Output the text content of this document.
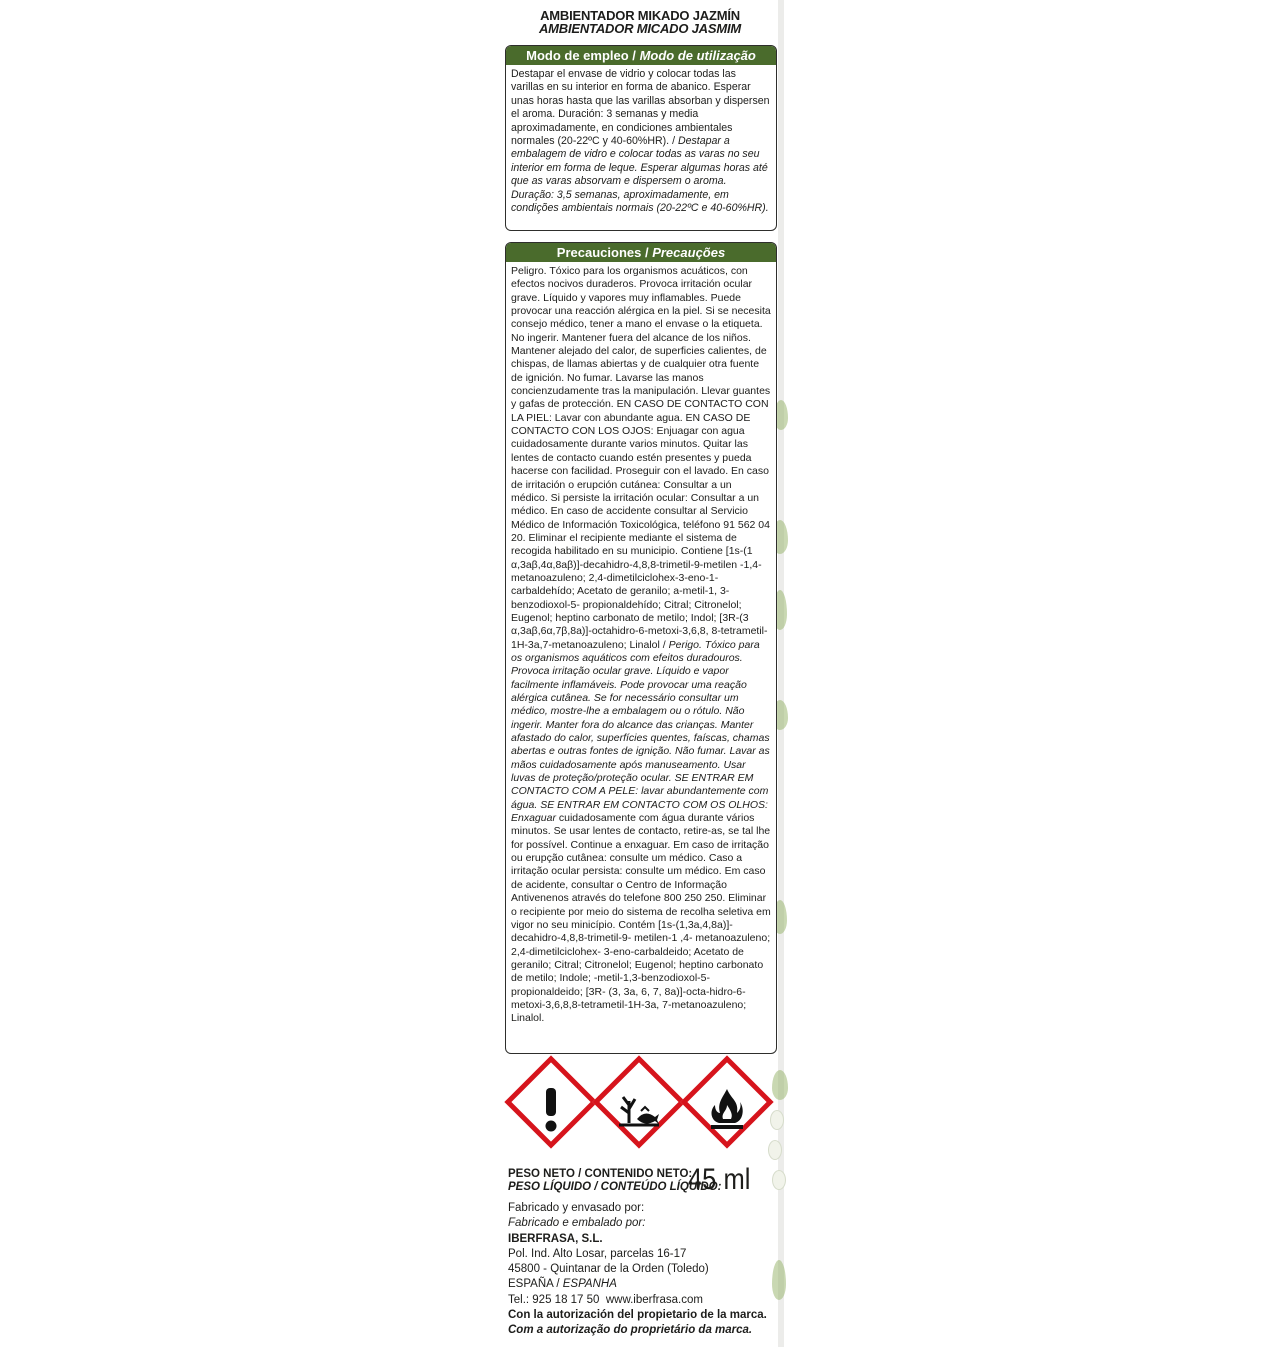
AMBIENTADOR MIKADO JAZMÍN
AMBIENTADOR MICADO JASMIM
Modo de empleo / Modo de utilização
Destapar el envase de vidrio y colocar todas las varillas en su interior en forma de abanico. Esperar unas horas hasta que las varillas absorban y dispersen el aroma. Duración: 3 semanas y media aproximadamente, en condiciones ambientales normales (20-22ºC y 40-60%HR). / Destapar a embalagem de vidro e colocar todas as varas no seu interior em forma de leque. Esperar algumas horas até que as varas absorvam e dispersem o aroma. Duração: 3,5 semanas, aproximadamente, em condições ambientais normais (20-22ºC e 40-60%HR).
Precauciones / Precauções
Peligro. Tóxico para los organismos acuáticos, con efectos nocivos duraderos. Provoca irritación ocular grave. Líquido y vapores muy inflamables. Puede provocar una reacción alérgica en la piel. Si se necesita consejo médico, tener a mano el envase o la etiqueta. No ingerir. Mantener fuera del alcance de los niños. Mantener alejado del calor, de superficies calientes, de chispas, de llamas abiertas y de cualquier otra fuente de ignición. No fumar. Lavarse las manos concienzudamente tras la manipulación. Llevar guantes y gafas de protección. EN CASO DE CONTACTO CON LA PIEL: Lavar con abundante agua. EN CASO DE CONTACTO CON LOS OJOS: Enjuagar con agua cuidadosamente durante varios minutos. Quitar las lentes de contacto cuando estén presentes y pueda hacerse con facilidad. Proseguir con el lavado. En caso de irritación o erupción cutánea: Consultar a un médico. Si persiste la irritación ocular: Consultar a un médico. En caso de accidente consultar al Servicio Médico de Información Toxicológica, teléfono 91 562 04 20. Eliminar el recipiente mediante el sistema de recogida habilitado en su municipio. Contiene [1s-(1 α,3aβ,4α,8aβ)]-decahidro-4,8,8-trimetil-9-metilen -1,4-metanoazuleno; 2,4-dimetilciclohex-3-eno-1-carbaldehído; Acetato de geranilo; a-metil-1, 3-benzodioxol-5- propionaldehído; Citral; Citronelol; Eugenol; heptino carbonato de metilo; Indol; [3R-(3 α,3aβ,6α,7β,8a)]-octahidro-6-metoxi-3,6,8, 8-tetrametil-1H-3a,7-metanoazuleno; Linalol / Perigo. Tóxico para os organismos aquáticos com efeitos duradouros. Provoca irritação ocular grave. Líquido e vapor facilmente inflamáveis. Pode provocar uma reação alérgica cutânea. Se for necessário consultar um médico, mostre-lhe a embalagem ou o rótulo. Não ingerir. Manter fora do alcance das crianças. Manter afastado do calor, superfícies quentes, faíscas, chamas abertas e outras fontes de ignição. Não fumar. Lavar as mãos cuidadosamente após manuseamento. Usar luvas de proteção/proteção ocular. SE ENTRAR EM CONTACTO COM A PELE: lavar abundantemente com água. SE ENTRAR EM CONTACTO COM OS OLHOS: Enxaguar cuidadosamente com água durante vários minutos. Se usar lentes de contacto, retire-as, se tal lhe for possível. Continue a enxaguar. Em caso de irritação ou erupção cutânea: consulte um médico. Caso a irritação ocular persista: consulte um médico. Em caso de acidente, consultar o Centro de Informação Antivenenos através do telefone 800 250 250. Eliminar o recipiente por meio do sistema de recolha seletiva em vigor no seu minicípio. Contém [1s-(1,3a,4,8a)]-decahidro-4,8,8-trimetil-9- metilen-1 ,4- metanoazuleno; 2,4-dimetilciclohex- 3-eno-carbaldeido; Acetato de geranilo; Citral; Citronelol; Eugenol; heptino carbonato de metilo; Indole; -metil-1,3-benzodioxol-5- propionaldeido; [3R- (3, 3a, 6, 7, 8a)]-octa-hidro-6- metoxi-3,6,8,8-tetrametil-1H-3a, 7-metanoazuleno; Linalol.
PESO NETO / CONTENIDO NETO:
PESO LÍQUIDO / CONTEÚDO LÍQUIDO:
45 ml
Fabricado y envasado por:
Fabricado e embalado por:
IBERFRASA, S.L.
Pol. Ind. Alto Losar, parcelas 16-17
45800 - Quintanar de la Orden (Toledo)
ESPAÑA / ESPANHA
Tel.: 925 18 17 50 www.iberfrasa.com
Con la autorización del propietario de la marca.
Com a autorização do proprietário da marca.
